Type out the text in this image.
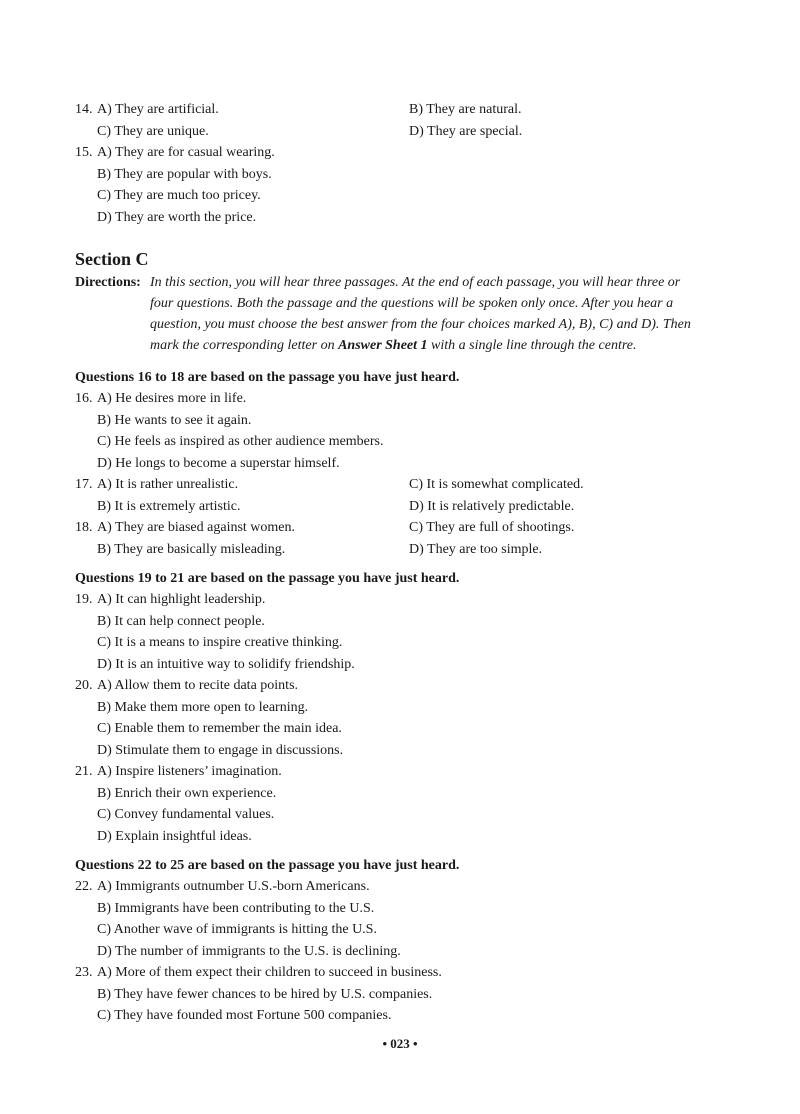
14. A) They are artificial.	B) They are natural.
C) They are unique.	D) They are special.
15. A) They are for casual wearing.
B) They are popular with boys.
C) They are much too pricey.
D) They are worth the price.
Section C
Directions: In this section, you will hear three passages. At the end of each passage, you will hear three or

four questions. Both the passage and the questions will be spoken only once. After you hear a

question, you must choose the best answer from the four choices marked A), B), C) and D). Then

mark the corresponding letter on Answer Sheet 1 with a single line through the centre.

Questions 16 to 18 are based on the passage you have just heard.
16. A) He desires more in life.
B) He wants to see it again.
C) He feels as inspired as other audience members.
D) He longs to become a superstar himself.
17. A) It is rather unrealistic.	C) It is somewhat complicated.
B) It is extremely artistic.	D) It is relatively predictable.
18. A) They are biased against women.	C) They are full of shootings.
B) They are basically misleading.	D) They are too simple.
Questions 19 to 21 are based on the passage you have just heard.
19. A) It can highlight leadership.
B) It can help connect people.
C) It is a means to inspire creative thinking.
D) It is an intuitive way to solidify friendship.
20. A) Allow them to recite data points.
B) Make them more open to learning.
C) Enable them to remember the main idea.
D) Stimulate them to engage in discussions.
21. A) Inspire listeners’ imagination.
B) Enrich their own experience.
C) Convey fundamental values.
D) Explain insightful ideas.
Questions 22 to 25 are based on the passage you have just heard.
22. A) Immigrants outnumber U.S.-born Americans.
B) Immigrants have been contributing to the U.S.
C) Another wave of immigrants is hitting the U.S.
D) The number of immigrants to the U.S. is declining.
23. A) More of them expect their children to succeed in business.
B) They have fewer chances to be hired by U.S. companies.
C) They have founded most Fortune 500 companies.
• 023 •
